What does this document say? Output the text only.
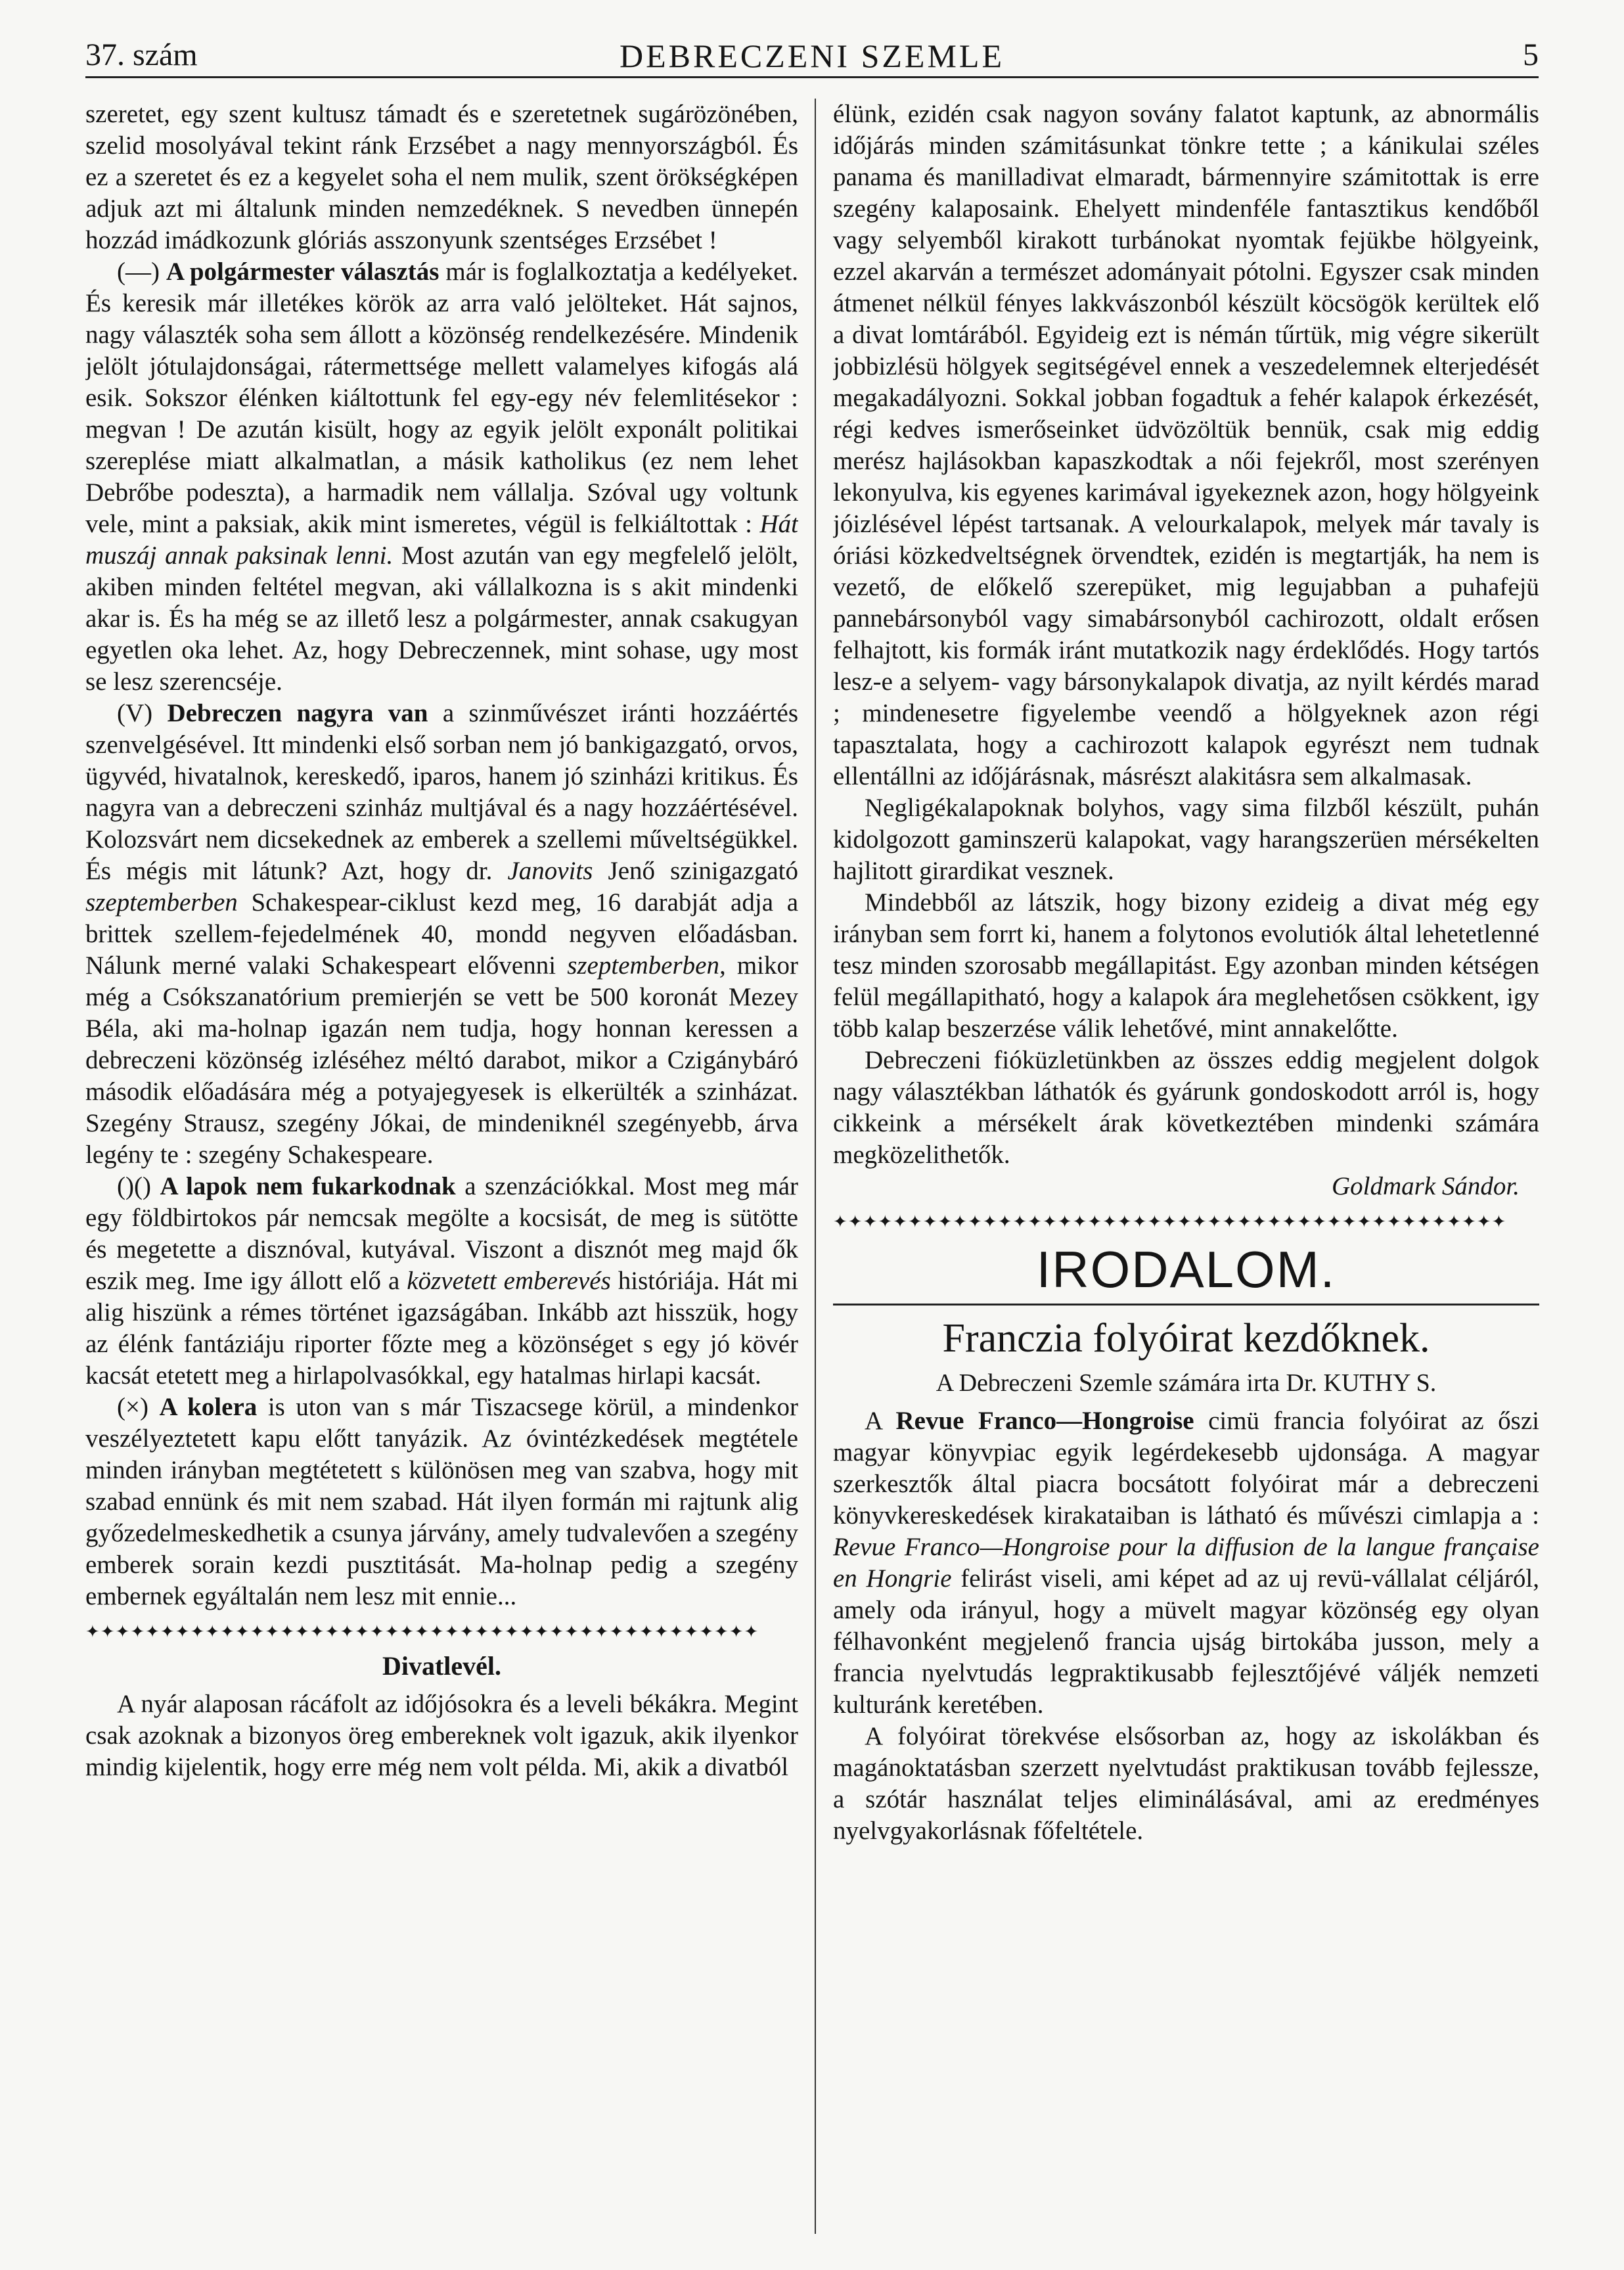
37. szám	DEBRECZENI SZEMLE	5

szeretet, egy szent kultusz támadt és e szeretetnek sugárözönében, szelid mosolyával tekint ránk Erzsébet a nagy mennyországból. És ez a szeretet és ez a kegyelet soha el nem mulik, szent örökségképen adjuk azt mi általunk minden nemzedéknek. S nevedben ünnepén hozzád imádkozunk glóriás asszonyunk szentséges Erzsébet !

(—) A polgármester választás már is foglalkoztatja a kedélyeket. És keresik már illetékes körök az arra való jelölteket. Hát sajnos, nagy választék soha sem állott a közönség rendelkezésére. Mindenik jelölt jótulajdonságai, rátermettsége mellett valamelyes kifogás alá esik. Sokszor élénken kiáltottunk fel egy-egy név felemlitésekor : megvan ! De azután kisült, hogy az egyik jelölt exponált politikai szereplése miatt alkalmatlan, a másik katholikus (ez nem lehet Debrőbe podeszta), a harmadik nem vállalja. Szóval ugy voltunk vele, mint a paksiak, akik mint ismeretes, végül is felkiáltottak : Hát muszáj annak paksinak lenni. Most azután van egy megfelelő jelölt, akiben minden feltétel megvan, aki vállalkozna is s akit mindenki akar is. És ha még se az illető lesz a polgármester, annak csakugyan egyetlen oka lehet. Az, hogy Debreczennek, mint sohase, ugy most se lesz szerencséje.

(V) Debreczen nagyra van a szinművészet iránti hozzáértés szenvelgésével. Itt mindenki első sorban nem jó bankigazgató, orvos, ügyvéd, hivatalnok, kereskedő, iparos, hanem jó szinházi kritikus. És nagyra van a debreczeni szinház multjával és a nagy hozzáértésével. Kolozsvárt nem dicsekednek az emberek a szellemi műveltségükkel. És mégis mit látunk? Azt, hogy dr. Janovits Jenő szinigazgató szeptemberben Schakespear-ciklust kezd meg, 16 darabját adja a brittek szellem-fejedelmének 40, mondd negyven előadásban. Nálunk merné valaki Schakespeart elővenni szeptemberben, mikor még a Csókszanatórium premierjén se vett be 500 koronát Mezey Béla, aki ma-holnap igazán nem tudja, hogy honnan keressen a debreczeni közönség izléséhez méltó darabot, mikor a Czigánybáró második előadására még a potyajegyesek is elkerülték a szinházat. Szegény Strausz, szegény Jókai, de mindeniknél szegényebb, árva legény te : szegény Schakespeare.

()() A lapok nem fukarkodnak a szenzációkkal. Most meg már egy földbirtokos pár nemcsak megölte a kocsisát, de meg is sütötte és megetette a disznóval, kutyával. Viszont a disznót meg majd ők eszik meg. Ime igy állott elő a közvetett emberevés históriája. Hát mi alig hiszünk a rémes történet igazságában. Inkább azt hisszük, hogy az élénk fantáziáju riporter főzte meg a közönséget s egy jó kövér kacsát etetett meg a hirlapolvasókkal, egy hatalmas hirlapi kacsát.

(×) A kolera is uton van s már Tiszacsege körül, a mindenkor veszélyeztetett kapu előtt tanyázik. Az óvintézkedések megtétele minden irányban megtétetett s különösen meg van szabva, hogy mit szabad ennünk és mit nem szabad. Hát ilyen formán mi rajtunk alig győzedelmeskedhetik a csunya járvány, amely tudvalevően a szegény emberek sorain kezdi pusztitását. Ma-holnap pedig a szegény embernek egyáltalán nem lesz mit ennie...

✦✦✦✦✦✦✦✦✦✦✦✦✦✦✦✦✦✦✦✦✦✦✦✦✦✦✦✦✦✦✦✦✦✦✦✦✦✦✦✦✦✦✦✦✦
Divatlevél.

A nyár alaposan rácáfolt az időjósokra és a leveli békákra. Megint csak azoknak a bizonyos öreg embereknek volt igazuk, akik ilyenkor mindig kijelentik, hogy erre még nem volt példa. Mi, akik a divatból

élünk, ezidén csak nagyon sovány falatot kaptunk, az abnormális időjárás minden számitásunkat tönkre tette ; a kánikulai széles panama és manilladivat elmaradt, bármennyire számitottak is erre szegény kalaposaink. Ehelyett mindenféle fantasztikus kendőből vagy selyemből kirakott turbánokat nyomtak fejükbe hölgyeink, ezzel akarván a természet adományait pótolni. Egyszer csak minden átmenet nélkül fényes lakkvászonból készült köcsögök kerültek elő a divat lomtárából. Egyideig ezt is némán tűrtük, mig végre sikerült jobbizlésü hölgyek segitségével ennek a veszedelemnek elterjedését megakadályozni. Sokkal jobban fogadtuk a fehér kalapok érkezését, régi kedves ismerőseinket üdvözöltük bennük, csak mig eddig merész hajlásokban kapaszkodtak a női fejekről, most szerényen lekonyulva, kis egyenes karimával igyekeznek azon, hogy hölgyeink jóizlésével lépést tartsanak. A velourkalapok, melyek már tavaly is óriási közkedveltségnek örvendtek, ezidén is megtartják, ha nem is vezető, de előkelő szerepüket, mig legujabban a puhafejü pannebársonyból vagy simabársonyból cachirozott, oldalt erősen felhajtott, kis formák iránt mutatkozik nagy érdeklődés. Hogy tartós lesz-e a selyem- vagy bársonykalapok divatja, az nyilt kérdés marad ; mindenesetre figyelembe veendő a hölgyeknek azon régi tapasztalata, hogy a cachirozott kalapok egyrészt nem tudnak ellentállni az időjárásnak, másrészt alakitásra sem alkalmasak.

Negligékalapoknak bolyhos, vagy sima filzből készült, puhán kidolgozott gaminszerü kalapokat, vagy harangszerüen mérsékelten hajlitott girardikat vesznek.

Mindebből az látszik, hogy bizony ezideig a divat még egy irányban sem forrt ki, hanem a folytonos evolutiók által lehetetlenné tesz minden szorosabb megállapitást. Egy azonban minden kétségen felül megállapitható, hogy a kalapok ára meglehetősen csökkent, igy több kalap beszerzése válik lehetővé, mint annakelőtte.

Debreczeni fióküzletünkben az összes eddig megjelent dolgok nagy választékban láthatók és gyárunk gondoskodott arról is, hogy cikkeink a mérsékelt árak következtében mindenki számára megközelithetők.

Goldmark Sándor.

✦✦✦✦✦✦✦✦✦✦✦✦✦✦✦✦✦✦✦✦✦✦✦✦✦✦✦✦✦✦✦✦✦✦✦✦✦✦✦✦✦✦✦✦✦
IRODALOM.
Franczia folyóirat kezdőknek.
A Debreczeni Szemle számára irta Dr. KUTHY S.

A Revue Franco—Hongroise cimü francia folyóirat az őszi magyar könyvpiac egyik legérdekesebb ujdonsága. A magyar szerkesztők által piacra bocsátott folyóirat már a debreczeni könyvkereskedések kirakataiban is látható és művészi cimlapja a : Revue Franco—Hongroise pour la diffusion de la langue française en Hongrie felirást viseli, ami képet ad az uj revü-vállalat céljáról, amely oda irányul, hogy a müvelt magyar közönség egy olyan félhavonként megjelenő francia ujság birtokába jusson, mely a francia nyelvtudás legpraktikusabb fejlesztőjévé váljék nemzeti kulturánk keretében.

A folyóirat törekvése elsősorban az, hogy az iskolákban és magánoktatásban szerzett nyelvtudást praktikusan tovább fejlessze, a szótár használat teljes eliminálásával, ami az eredményes nyelvgyakorlásnak főfeltétele.
